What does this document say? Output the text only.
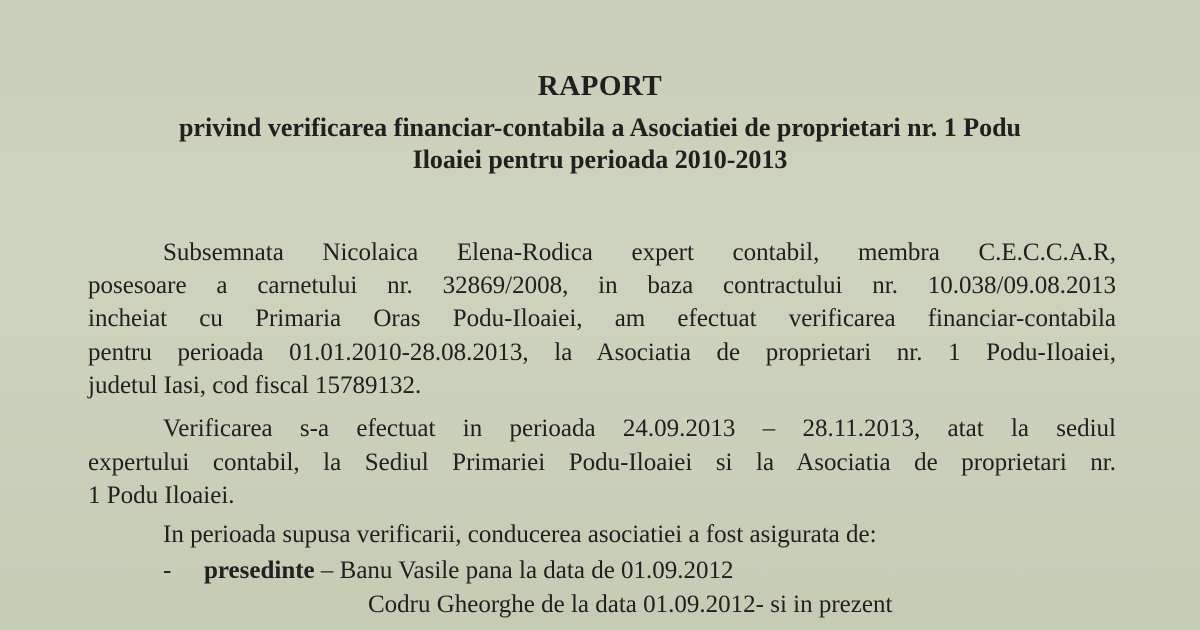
RAPORT
privind verificarea financiar-contabila a Asociatiei de proprietari nr. 1 Podu
Iloaiei pentru perioada 2010-2013
Subsemnata Nicolaica Elena-Rodica expert contabil, membra C.E.C.C.A.R,
posesoare a carnetului nr. 32869/2008, in baza contractului nr. 10.038/09.08.2013
incheiat cu Primaria Oras Podu-Iloaiei, am efectuat verificarea financiar-contabila
pentru perioada 01.01.2010-28.08.2013, la Asociatia de proprietari nr. 1 Podu-Iloaiei,
judetul Iasi, cod fiscal 15789132.
Verificarea s-a efectuat in perioada 24.09.2013 – 28.11.2013, atat la sediul
expertului contabil, la Sediul Primariei Podu-Iloaiei si la Asociatia de proprietari nr.
1 Podu Iloaiei.
In perioada supusa verificarii, conducerea asociatiei a fost asigurata de:
- presedinte – Banu Vasile pana la data de 01.09.2012
Codru Gheorghe de la data 01.09.2012- si in prezent
